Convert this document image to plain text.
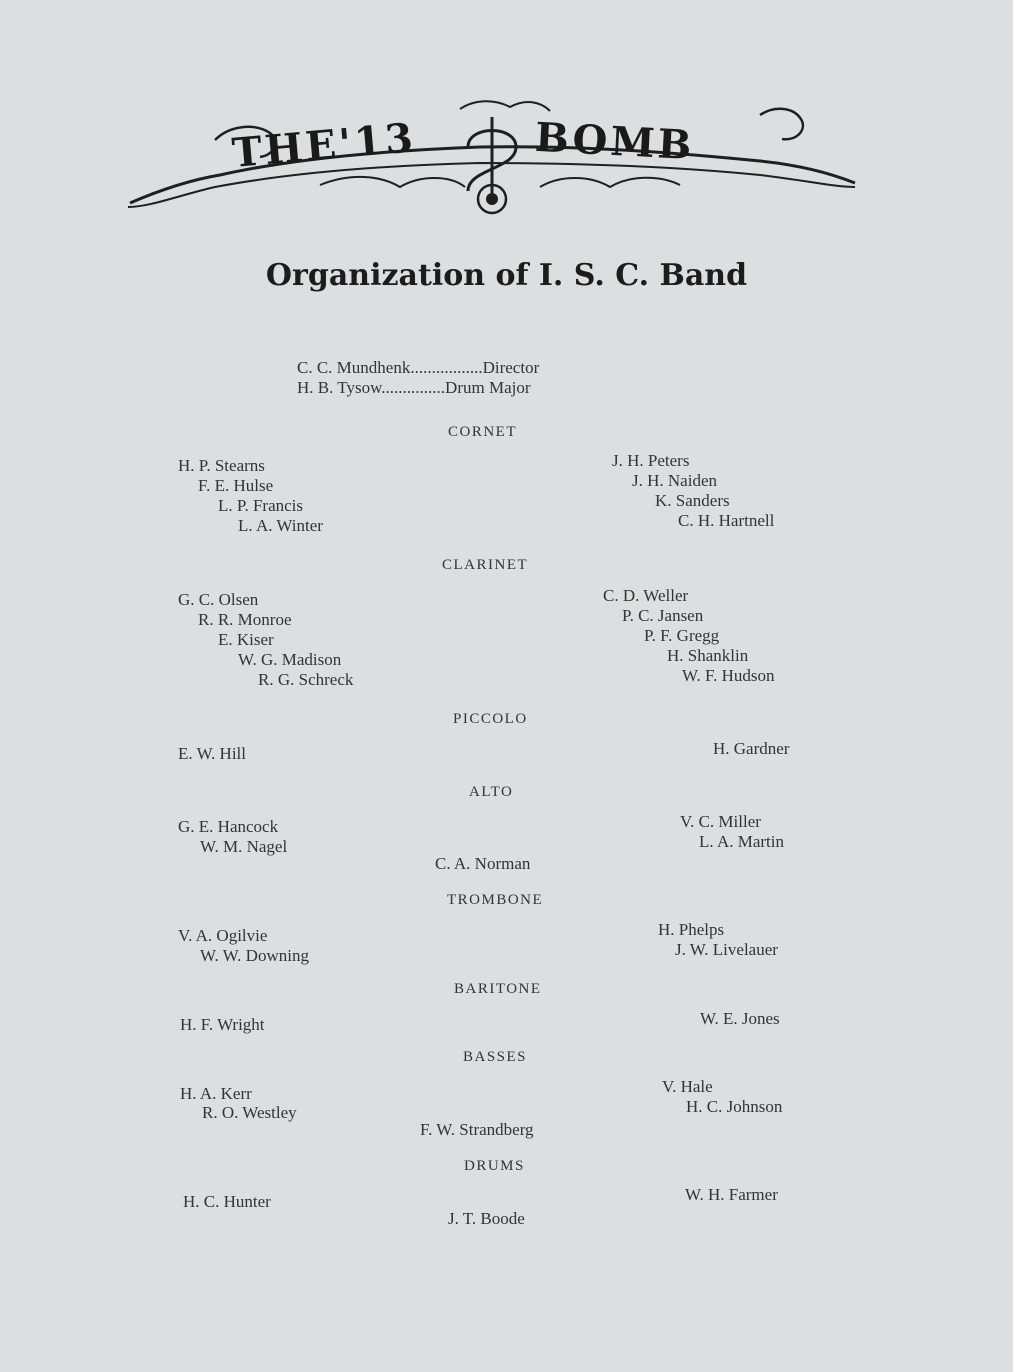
THE'13	BOMB
Organization of I. S. C. Band
C. C. Mundhenk.................Director
H. B. Tysow...............Drum Major
CORNET
H. P. Stearns
F. E. Hulse
L. P. Francis
L. A. Winter
J. H. Peters
J. H. Naiden
K. Sanders
C. H. Hartnell
CLARINET
G. C. Olsen
R. R. Monroe
E. Kiser
W. G. Madison
R. G. Schreck
C. D. Weller
P. C. Jansen
P. F. Gregg
H. Shanklin
W. F. Hudson
PICCOLO
E. W. Hill	H. Gardner
ALTO
G. E. Hancock
W. M. Nagel
C. A. Norman
V. C. Miller
L. A. Martin
TROMBONE
V. A. Ogilvie
W. W. Downing
H. Phelps
J. W. Livelauer
BARITONE
H. F. Wright	W. E. Jones
BASSES
H. A. Kerr
R. O. Westley
F. W. Strandberg
V. Hale
H. C. Johnson
DRUMS
H. C. Hunter
J. T. Boode
W. H. Farmer
